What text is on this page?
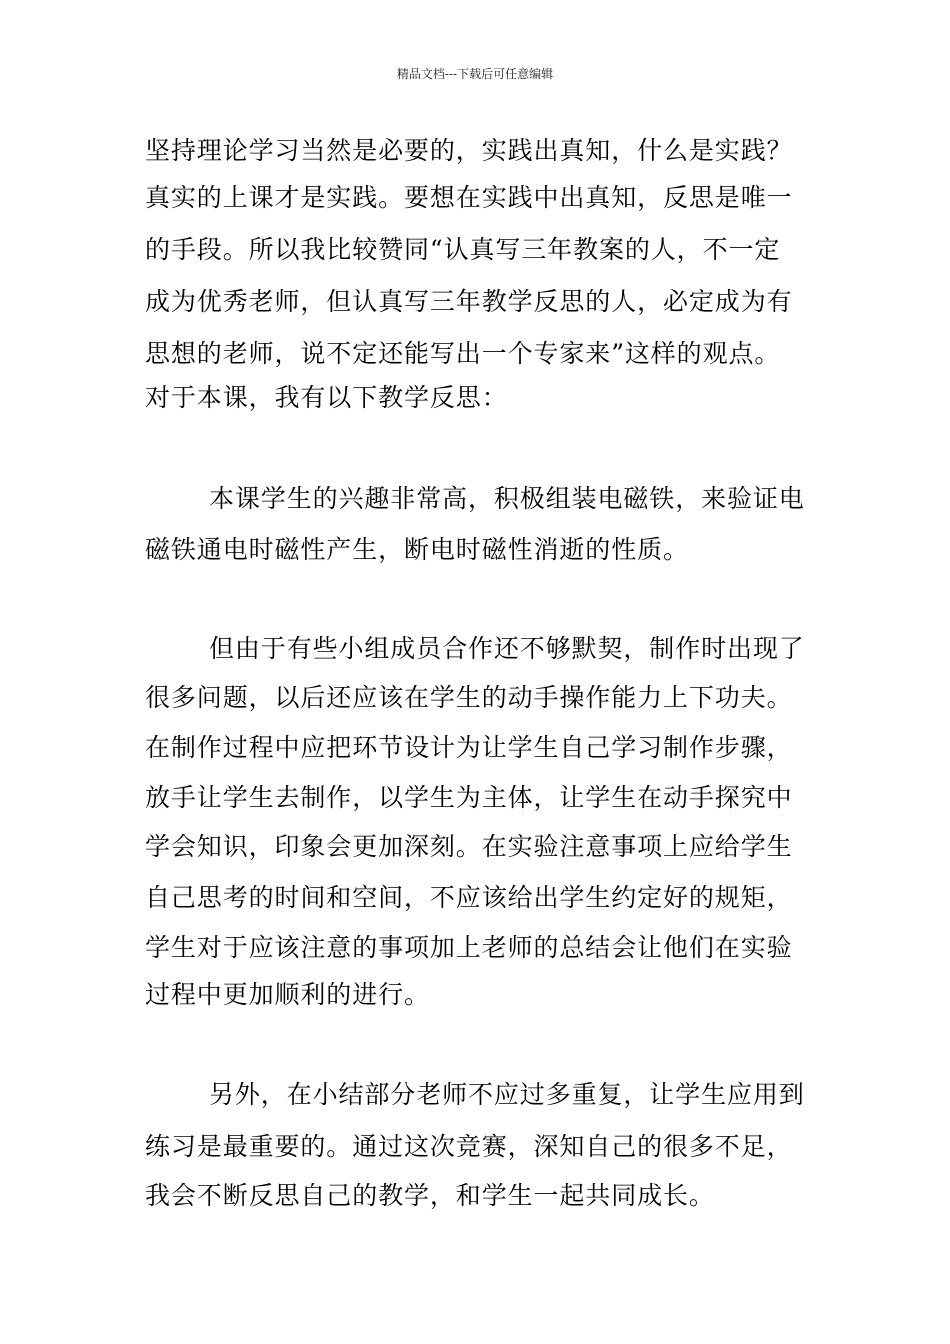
精品文档---下载后可任意编辑
坚持理论学习当然是必要的，实践出真知，什么是实践？
真实的上课才是实践。要想在实践中出真知，反思是唯一
的手段。所以我比较赞同“认真写三年教案的人，不一定
成为优秀老师，但认真写三年教学反思的人，必定成为有
思想的老师，说不定还能写出一个专家来”这样的观点。
对于本课，我有以下教学反思：
本课学生的兴趣非常高，积极组装电磁铁，来验证电
磁铁通电时磁性产生，断电时磁性消逝的性质。
但由于有些小组成员合作还不够默契，制作时出现了
很多问题，以后还应该在学生的动手操作能力上下功夫。
在制作过程中应把环节设计为让学生自己学习制作步骤，
放手让学生去制作，以学生为主体，让学生在动手探究中
学会知识，印象会更加深刻。在实验注意事项上应给学生
自己思考的时间和空间，不应该给出学生约定好的规矩，
学生对于应该注意的事项加上老师的总结会让他们在实验
过程中更加顺利的进行。
另外，在小结部分老师不应过多重复，让学生应用到
练习是最重要的。通过这次竞赛，深知自己的很多不足，
我会不断反思自己的教学，和学生一起共同成长。
